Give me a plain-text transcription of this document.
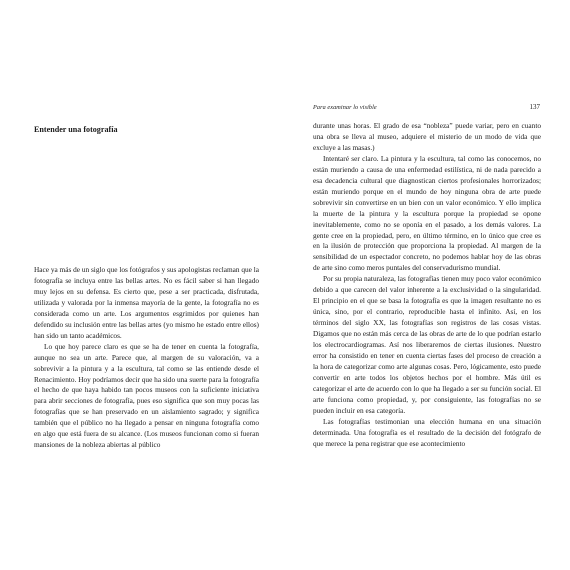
Entender una fotografía

Hace ya más de un siglo que los fotógrafos y sus apologistas reclaman que la fotografía se incluya entre las bellas artes. No es fácil saber si han llegado muy lejos en su defensa. Es cierto que, pese a ser practicada, disfrutada, utilizada y valorada por la inmensa mayoría de la gente, la fotografía no es considerada como un arte. Los argumentos esgrimidos por quienes han defendido su inclusión entre las bellas artes (yo mismo he estado entre ellos) han sido un tanto académicos.

Lo que hoy parece claro es que se ha de tener en cuenta la fotografía, aunque no sea un arte. Parece que, al margen de su valoración, va a sobrevivir a la pintura y a la escultura, tal como se las entiende desde el Renacimiento. Hoy podríamos decir que ha sido una suerte para la fotografía el hecho de que haya habido tan pocos museos con la suficiente iniciativa para abrir secciones de fotografía, pues eso significa que son muy pocas las fotografías que se han preservado en un aislamiento sagrado; y significa también que el público no ha llegado a pensar en ninguna fotografía como en algo que está fuera de su alcance. (Los museos funcionan como si fueran mansiones de la nobleza abiertas al público

Para examinar lo visible	137

durante unas horas. El grado de esa “nobleza” puede variar, pero en cuanto una obra se lleva al museo, adquiere el misterio de un modo de vida que excluye a las masas.)

Intentaré ser claro. La pintura y la escultura, tal como las conocemos, no están muriendo a causa de una enfermedad estilística, ni de nada parecido a esa decadencia cultural que diagnostican ciertos profesionales horrorizados; están muriendo porque en el mundo de hoy ninguna obra de arte puede sobrevivir sin convertirse en un bien con un valor económico. Y ello implica la muerte de la pintura y la escultura porque la propiedad se opone inevitablemente, como no se oponía en el pasado, a los demás valores. La gente cree en la propiedad, pero, en último término, en lo único que cree es en la ilusión de protección que proporciona la propiedad. Al margen de la sensibilidad de un espectador concreto, no podemos hablar hoy de las obras de arte sino como meros puntales del conservadurismo mundial.

Por su propia naturaleza, las fotografías tienen muy poco valor económico debido a que carecen del valor inherente a la exclusividad o la singularidad. El principio en el que se basa la fotografía es que la imagen resultante no es única, sino, por el contrario, reproducible hasta el infinito. Así, en los términos del siglo XX, las fotografías son registros de las cosas vistas. Digamos que no están más cerca de las obras de arte de lo que podrían estarlo los electrocardiogramas. Así nos liberaremos de ciertas ilusiones. Nuestro error ha consistido en tener en cuenta ciertas fases del proceso de creación a la hora de categorizar como arte algunas cosas. Pero, lógicamente, esto puede convertir en arte todos los objetos hechos por el hombre. Más útil es categorizar el arte de acuerdo con lo que ha llegado a ser su función social. El arte funciona como propiedad, y, por consiguiente, las fotografías no se pueden incluir en esa categoría.

Las fotografías testimonian una elección humana en una situación determinada. Una fotografía es el resultado de la decisión del fotógrafo de que merece la pena registrar que ese acontecimiento
